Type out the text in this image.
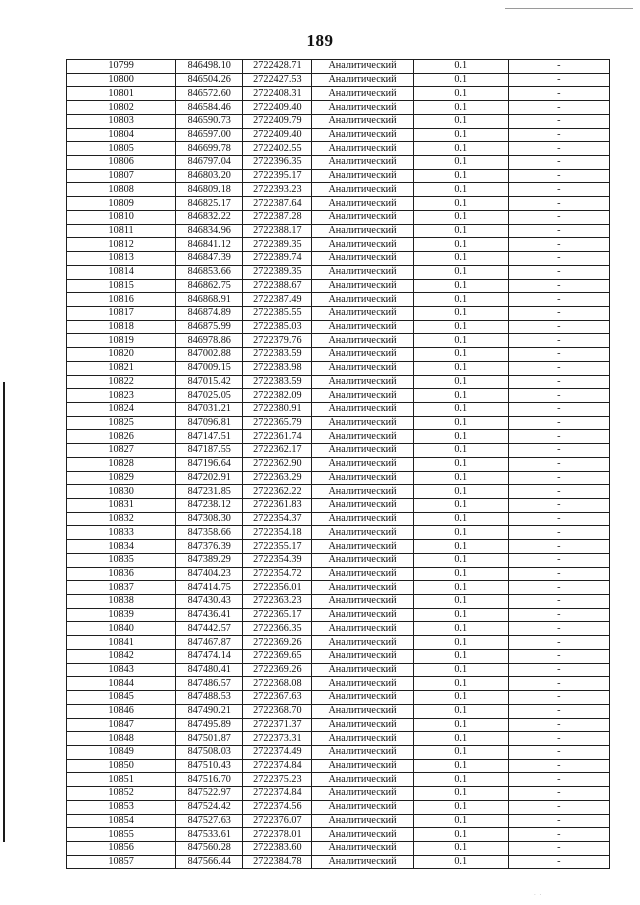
189
10799	846498.10	2722428.71	Аналитический	0.1	-
10800	846504.26	2722427.53	Аналитический	0.1	-
10801	846572.60	2722408.31	Аналитический	0.1	-
10802	846584.46	2722409.40	Аналитический	0.1	-
10803	846590.73	2722409.79	Аналитический	0.1	-
10804	846597.00	2722409.40	Аналитический	0.1	-
10805	846699.78	2722402.55	Аналитический	0.1	-
10806	846797.04	2722396.35	Аналитический	0.1	-
10807	846803.20	2722395.17	Аналитический	0.1	-
10808	846809.18	2722393.23	Аналитический	0.1	-
10809	846825.17	2722387.64	Аналитический	0.1	-
10810	846832.22	2722387.28	Аналитический	0.1	-
10811	846834.96	2722388.17	Аналитический	0.1	-
10812	846841.12	2722389.35	Аналитический	0.1	-
10813	846847.39	2722389.74	Аналитический	0.1	-
10814	846853.66	2722389.35	Аналитический	0.1	-
10815	846862.75	2722388.67	Аналитический	0.1	-
10816	846868.91	2722387.49	Аналитический	0.1	-
10817	846874.89	2722385.55	Аналитический	0.1	-
10818	846875.99	2722385.03	Аналитический	0.1	-
10819	846978.86	2722379.76	Аналитический	0.1	-
10820	847002.88	2722383.59	Аналитический	0.1	-
10821	847009.15	2722383.98	Аналитический	0.1	-
10822	847015.42	2722383.59	Аналитический	0.1	-
10823	847025.05	2722382.09	Аналитический	0.1	-
10824	847031.21	2722380.91	Аналитический	0.1	-
10825	847096.81	2722365.79	Аналитический	0.1	-
10826	847147.51	2722361.74	Аналитический	0.1	-
10827	847187.55	2722362.17	Аналитический	0.1	-
10828	847196.64	2722362.90	Аналитический	0.1	-
10829	847202.91	2722363.29	Аналитический	0.1	-
10830	847231.85	2722362.22	Аналитический	0.1	-
10831	847238.12	2722361.83	Аналитический	0.1	-
10832	847308.30	2722354.37	Аналитический	0.1	-
10833	847358.66	2722354.18	Аналитический	0.1	-
10834	847376.39	2722355.17	Аналитический	0.1	-
10835	847389.29	2722354.39	Аналитический	0.1	-
10836	847404.23	2722354.72	Аналитический	0.1	-
10837	847414.75	2722356.01	Аналитический	0.1	-
10838	847430.43	2722363.23	Аналитический	0.1	-
10839	847436.41	2722365.17	Аналитический	0.1	-
10840	847442.57	2722366.35	Аналитический	0.1	-
10841	847467.87	2722369.26	Аналитический	0.1	-
10842	847474.14	2722369.65	Аналитический	0.1	-
10843	847480.41	2722369.26	Аналитический	0.1	-
10844	847486.57	2722368.08	Аналитический	0.1	-
10845	847488.53	2722367.63	Аналитический	0.1	-
10846	847490.21	2722368.70	Аналитический	0.1	-
10847	847495.89	2722371.37	Аналитический	0.1	-
10848	847501.87	2722373.31	Аналитический	0.1	-
10849	847508.03	2722374.49	Аналитический	0.1	-
10850	847510.43	2722374.84	Аналитический	0.1	-
10851	847516.70	2722375.23	Аналитический	0.1	-
10852	847522.97	2722374.84	Аналитический	0.1	-
10853	847524.42	2722374.56	Аналитический	0.1	-
10854	847527.63	2722376.07	Аналитический	0.1	-
10855	847533.61	2722378.01	Аналитический	0.1	-
10856	847560.28	2722383.60	Аналитический	0.1	-
10857	847566.44	2722384.78	Аналитический	0.1	-
. .
